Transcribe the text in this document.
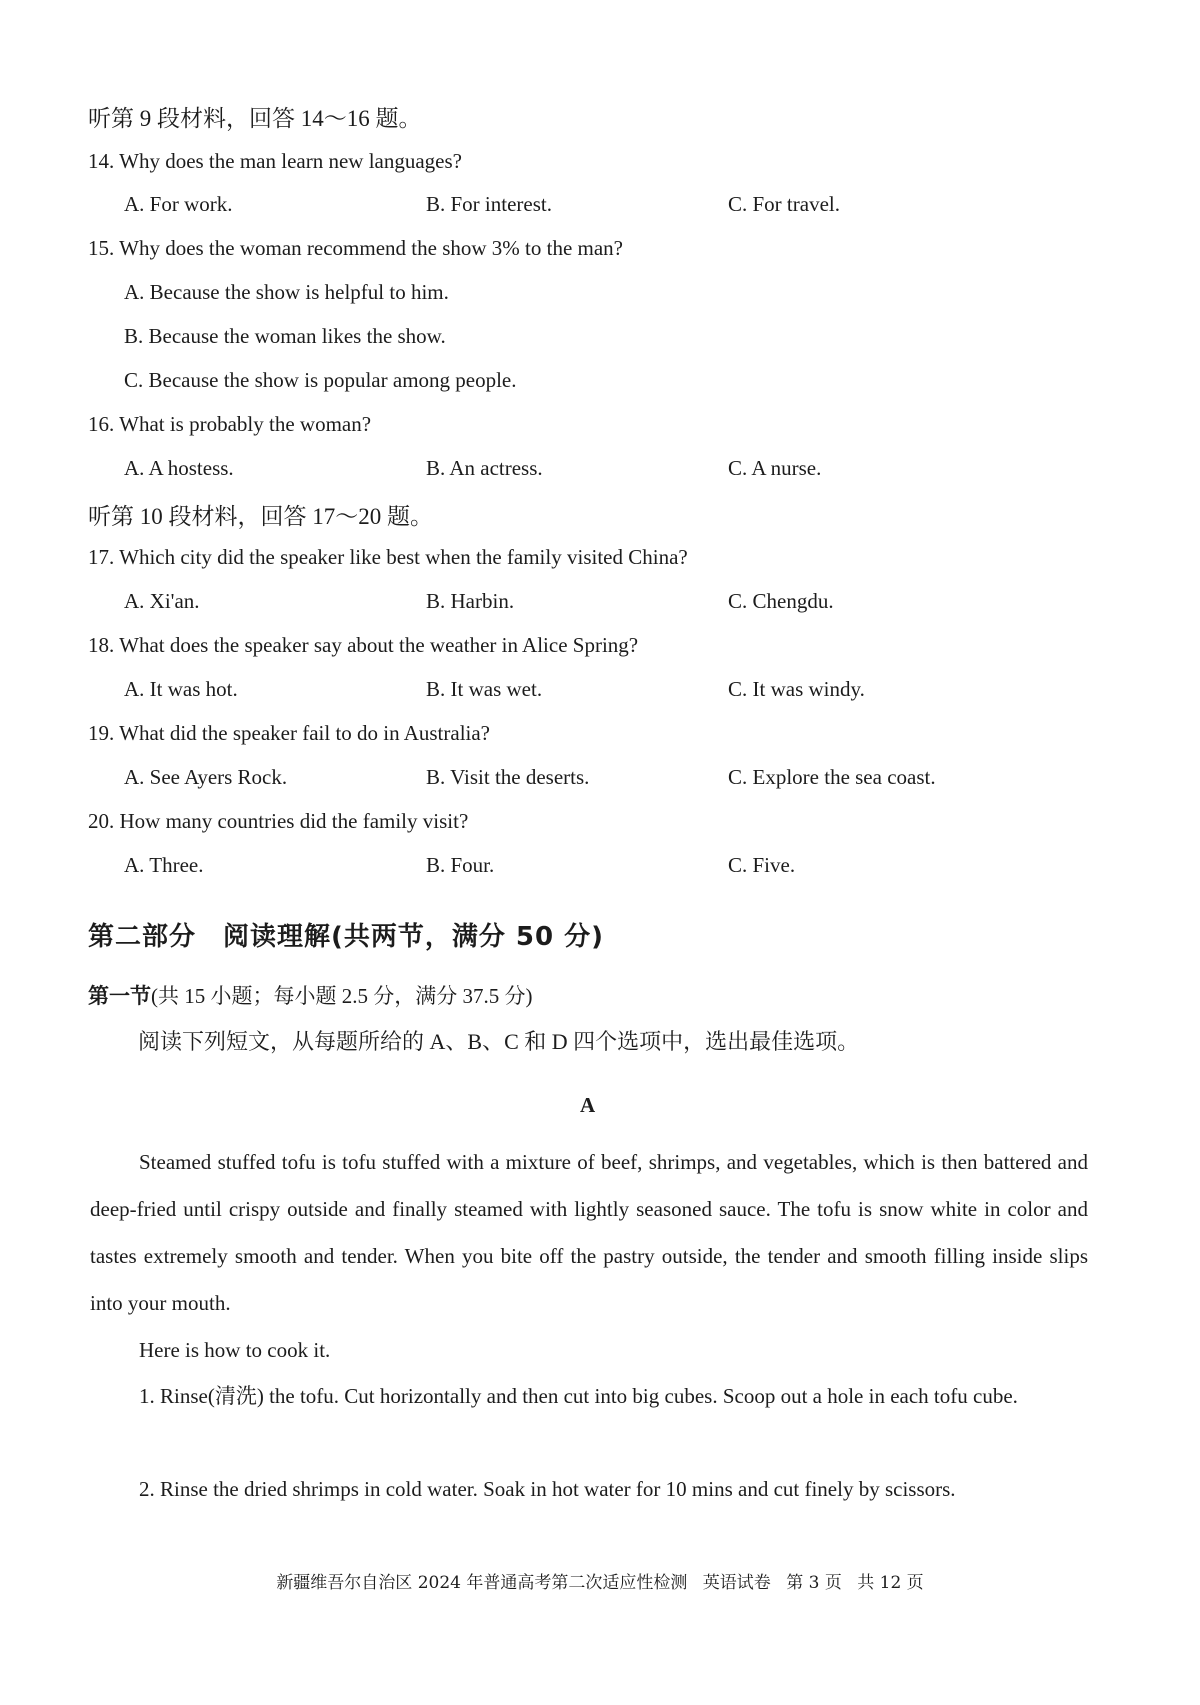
听第 9 段材料，回答 14～16 题。
14. Why does the man learn new languages?
A. For work.	B. For interest.	C. For travel.
15. Why does the woman recommend the show 3% to the man?
A. Because the show is helpful to him.
B. Because the woman likes the show.
C. Because the show is popular among people.
16. What is probably the woman?
A. A hostess.	B. An actress.	C. A nurse.
听第 10 段材料，回答 17～20 题。
17. Which city did the speaker like best when the family visited China?
A. Xi'an.	B. Harbin.	C. Chengdu.
18. What does the speaker say about the weather in Alice Spring?
A. It was hot.	B. It was wet.	C. It was windy.
19. What did the speaker fail to do in Australia?
A. See Ayers Rock.	B. Visit the deserts.	C. Explore the sea coast.
20. How many countries did the family visit?
A. Three.	B. Four.	C. Five.
第二部分　阅读理解(共两节，满分 50 分)
第一节(共 15 小题；每小题 2.5 分，满分 37.5 分)
阅读下列短文，从每题所给的 A、B、C 和 D 四个选项中，选出最佳选项。
A
Steamed stuffed tofu is tofu stuffed with a mixture of beef, shrimps, and vegetables, which is then battered and deep-fried until crispy outside and finally steamed with lightly seasoned sauce. The tofu is snow white in color and tastes extremely smooth and tender. When you bite off the pastry outside, the tender and smooth filling inside slips into your mouth.
Here is how to cook it.
1. Rinse(清洗) the tofu. Cut horizontally and then cut into big cubes. Scoop out a hole in each tofu cube.
2. Rinse the dried shrimps in cold water. Soak in hot water for 10 mins and cut finely by scissors.
新疆维吾尔自治区 2024 年普通高考第二次适应性检测 英语试卷 第 3 页 共 12 页
